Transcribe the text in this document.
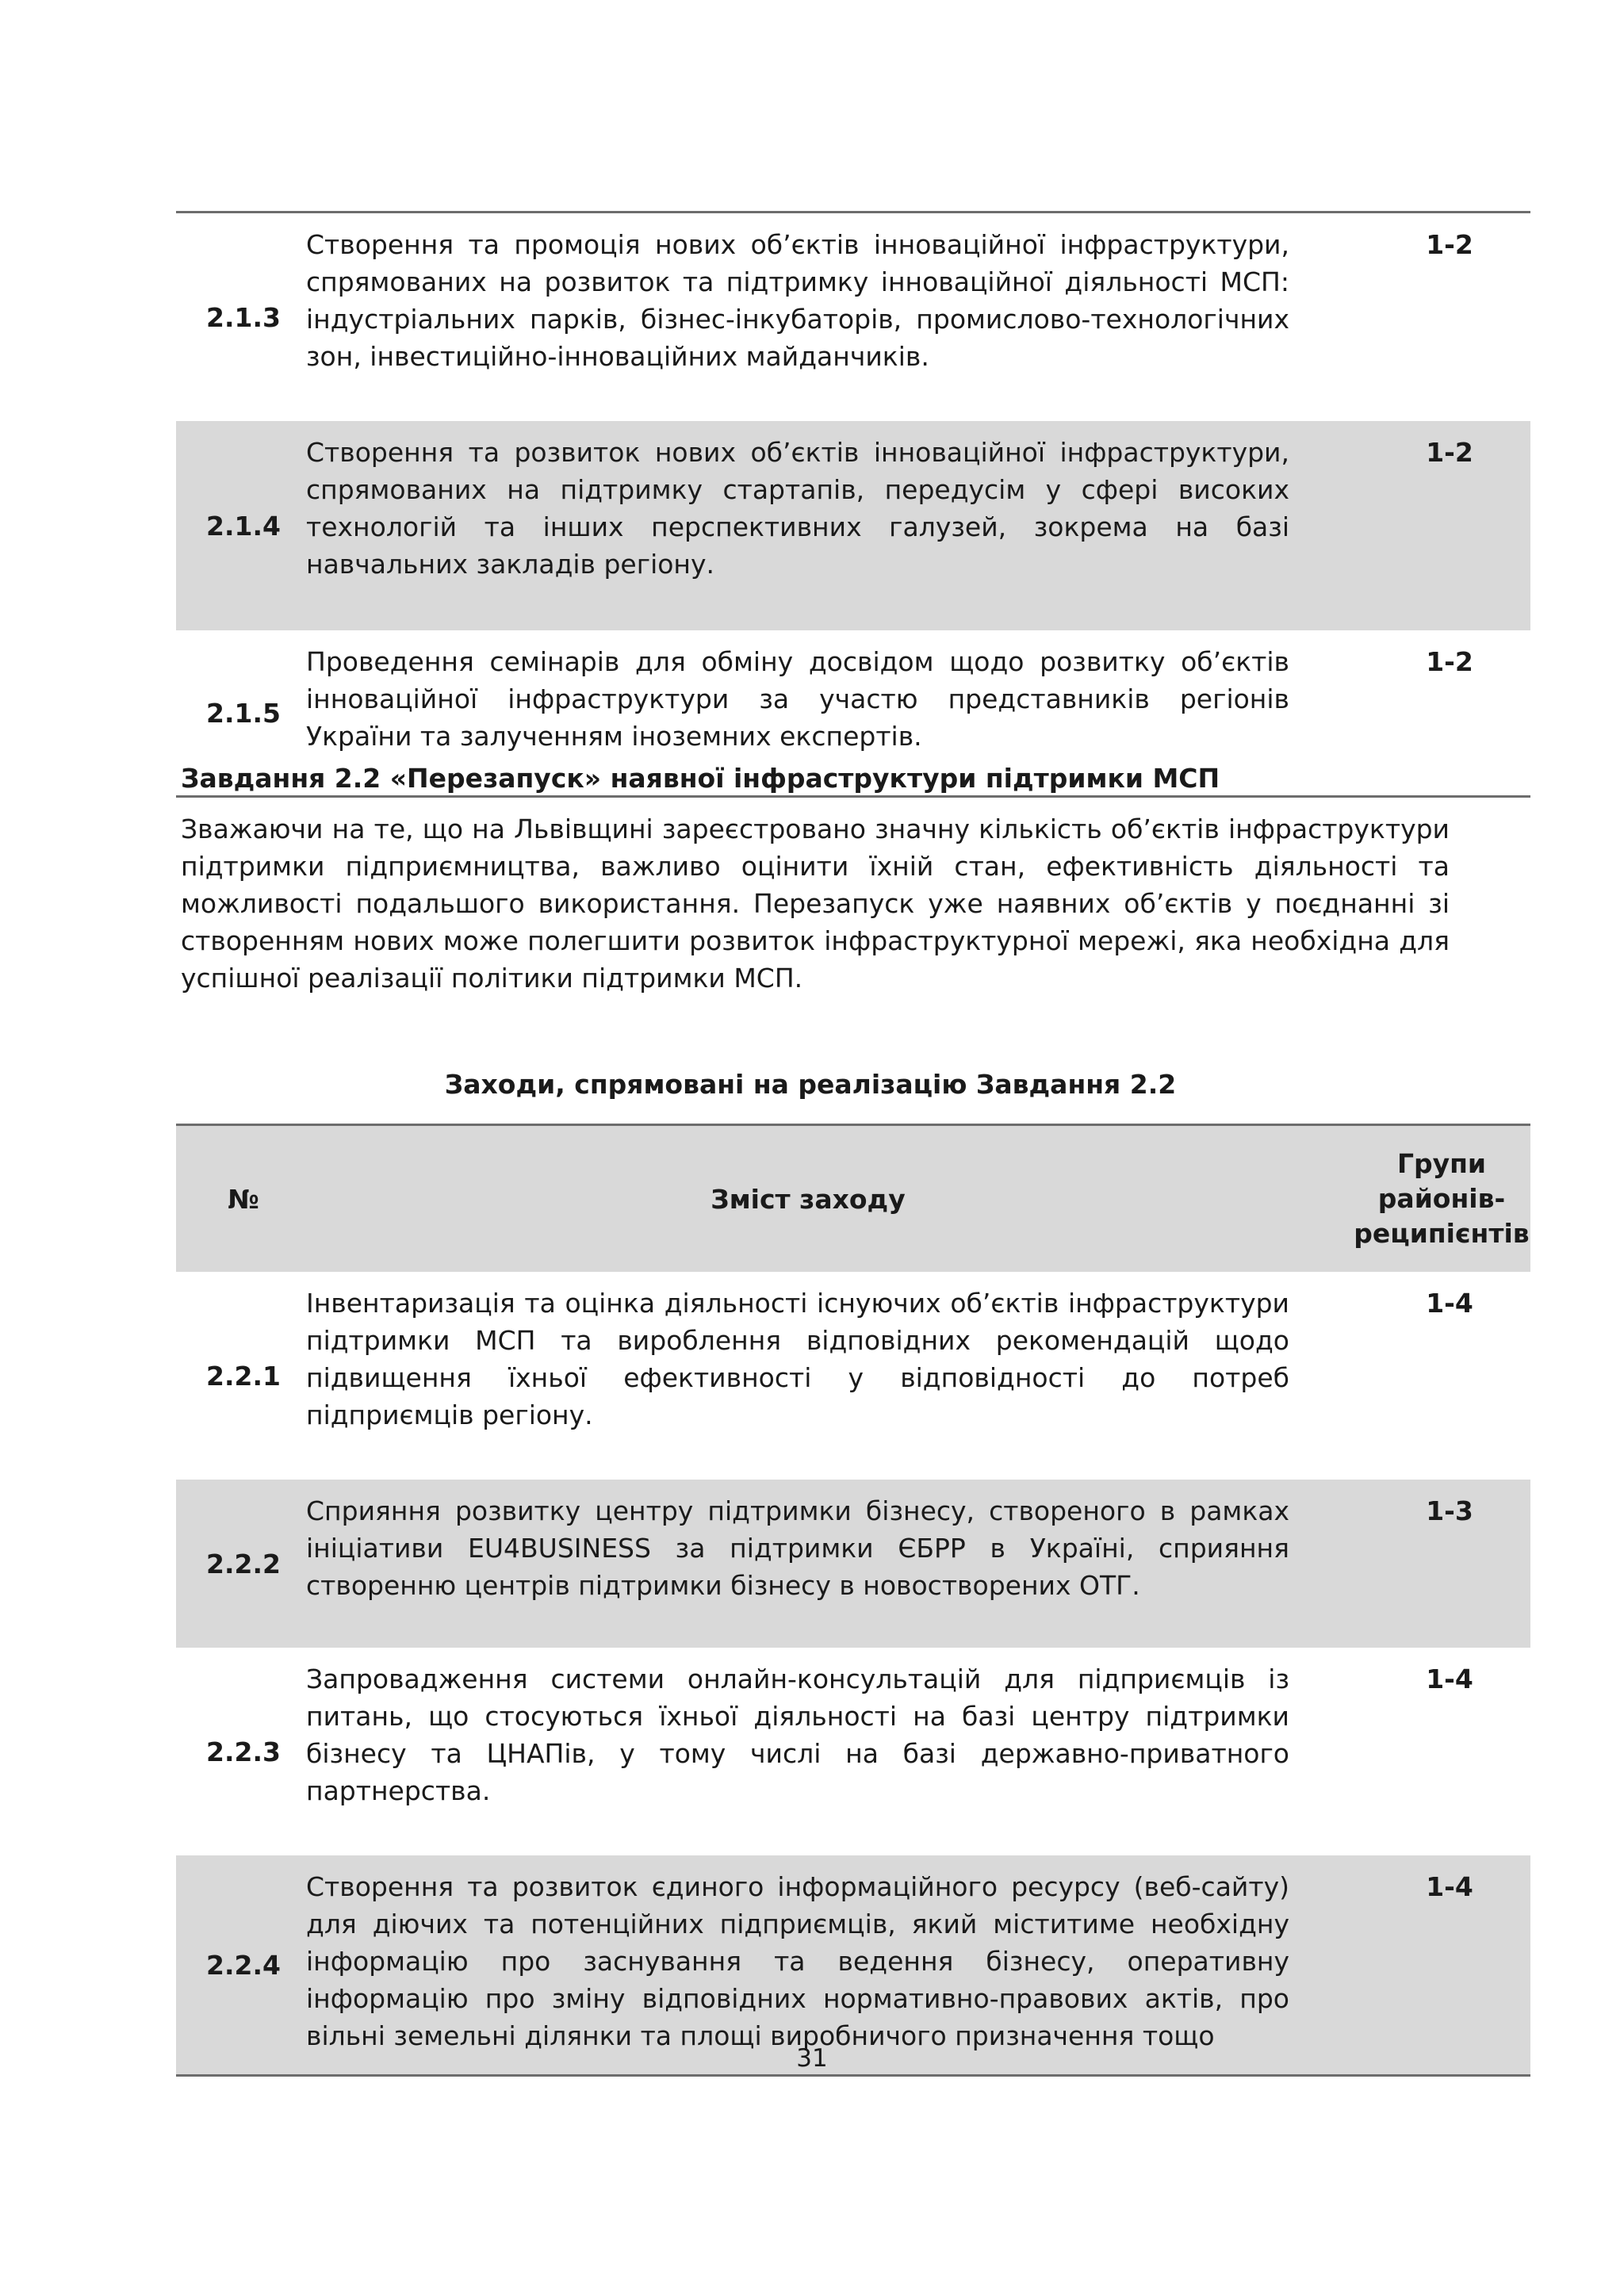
2.1.3	Створення та промоція нових об’єктів інноваційної інфраструктури, спрямованих на розвиток та підтримку інноваційної діяльності МСП: індустріальних парків, бізнес-інкубаторів, промислово-технологічних зон, інвестиційно-інноваційних майданчиків.	1-2
2.1.4	Створення та розвиток нових об’єктів інноваційної інфраструктури, спрямованих на підтримку стартапів, передусім у сфері високих технологій та інших перспективних галузей, зокрема на базі навчальних закладів регіону.	1-2
2.1.5	Проведення семінарів для обміну досвідом щодо розвитку об’єктів інноваційної інфраструктури за участю представників регіонів України та залученням іноземних експертів.	1-2
Завдання 2.2 «Перезапуск» наявної інфраструктури підтримки МСП

Зважаючи на те, що на Львівщині зареєстровано значну кількість об’єктів інфраструктури підтримки підприємництва, важливо оцінити їхній стан, ефективність діяльності та можливості подальшого використання. Перезапуск уже наявних об’єктів у поєднанні зі створенням нових може полегшити розвиток інфраструктурної мережі, яка необхідна для успішної реалізації політики підтримки МСП.

Заходи, спрямовані на реалізацію Завдання 2.2

№	Зміст заходу	Групи
районів-
реципієнтів

2.2.1	Інвентаризація та оцінка діяльності існуючих об’єктів інфраструктури підтримки МСП та вироблення відповідних рекомендацій щодо підвищення їхньої ефективності у відповідності до потреб підприємців регіону.	1-4
2.2.2	Сприяння розвитку центру підтримки бізнесу, створеного в рамках ініціативи EU4BUSINESS за підтримки ЄБРР в Україні, сприяння створенню центрів підтримки бізнесу в новостворених ОТГ.	1-3
2.2.3	Запровадження системи онлайн-консультацій для підприємців із питань, що стосуються їхньої діяльності на базі центру підтримки бізнесу та ЦНАПів, у тому числі на базі державно-приватного партнерства.	1-4
2.2.4	Створення та розвиток єдиного інформаційного ресурсу (веб-сайту) для діючих та потенційних підприємців, який міститиме необхідну інформацію про заснування та ведення бізнесу, оперативну інформацію про зміну відповідних нормативно-правових актів, про вільні земельні ділянки та площі виробничого призначення тощо	1-4
31
